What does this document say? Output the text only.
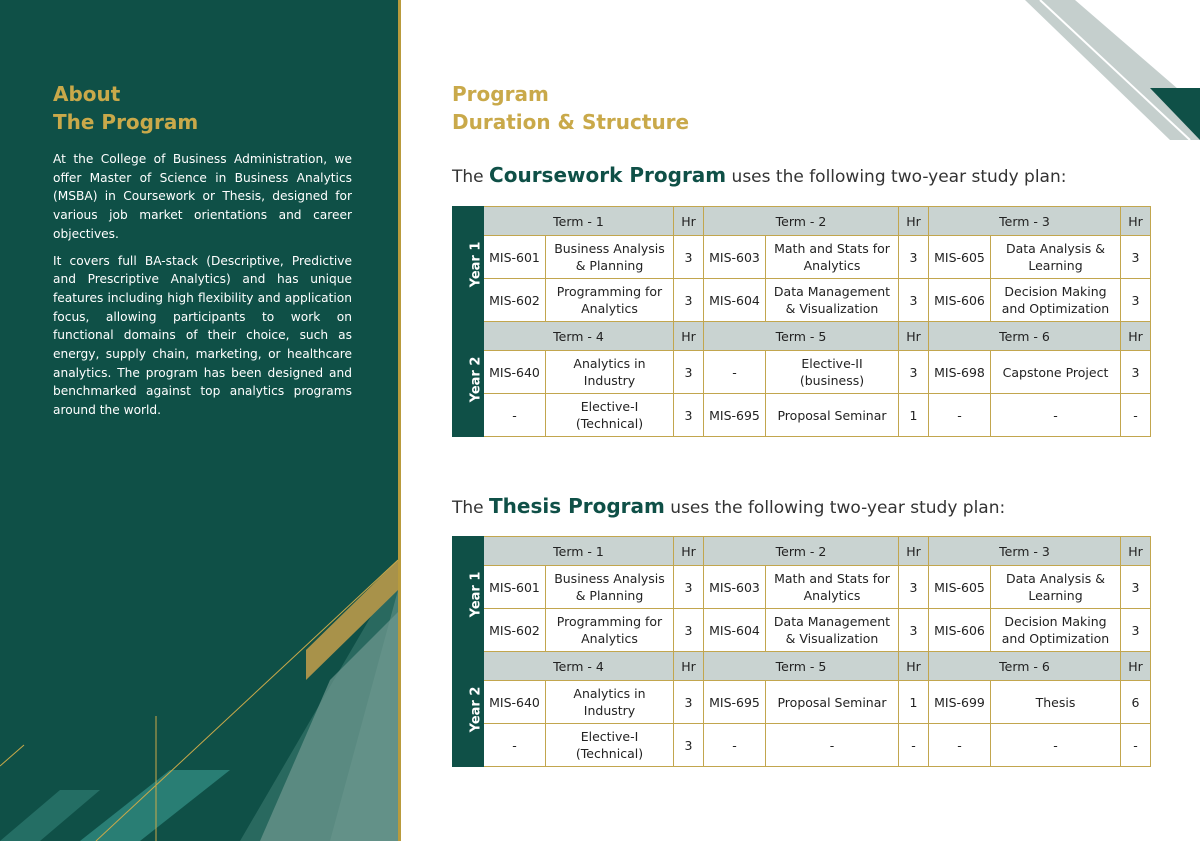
About
The Program

At the College of Business Administration, we offer Master of Science in Business Analytics (MSBA) in Coursework or Thesis, designed for various job market orientations and career objectives.

It covers full BA-stack (Descriptive, Predictive and Prescriptive Analytics) and has unique features including high flexibility and application focus, allowing participants to work on functional domains of their choice, such as energy, supply chain, marketing, or healthcare analytics. The program has been designed and benchmarked against top analytics programs around the world.

Program
Duration & Structure
The Coursework Program uses the following two-year study plan:
Year 1	Term - 1		Hr	Term - 2		Hr	Term - 3		Hr
	MIS-601	Business Analysis & Planning	3	MIS-603	Math and Stats for Analytics	3	MIS-605	Data Analysis & Learning	3
	MIS-602	Programming for Analytics	3	MIS-604	Data Management & Visualization	3	MIS-606	Decision Making and Optimization	3
Year 2	Term - 4		Hr	Term - 5		Hr	Term - 6		Hr
	MIS-640	Analytics in Industry	3	-	Elective-II (business)	3	MIS-698	Capstone Project	3
	-	Elective-I (Technical)	3	MIS-695	Proposal Seminar	1	-	-	-
The Thesis Program uses the following two-year study plan:
Year 1	Term - 1		Hr	Term - 2		Hr	Term - 3		Hr
	MIS-601	Business Analysis & Planning	3	MIS-603	Math and Stats for Analytics	3	MIS-605	Data Analysis & Learning	3
	MIS-602	Programming for Analytics	3	MIS-604	Data Management & Visualization	3	MIS-606	Decision Making and Optimization	3
Year 2	Term - 4		Hr	Term - 5		Hr	Term - 6		Hr
	MIS-640	Analytics in Industry	3	MIS-695	Proposal Seminar	1	MIS-699	Thesis	6
	-	Elective-I (Technical)	3	-	-	-	-	-	-
